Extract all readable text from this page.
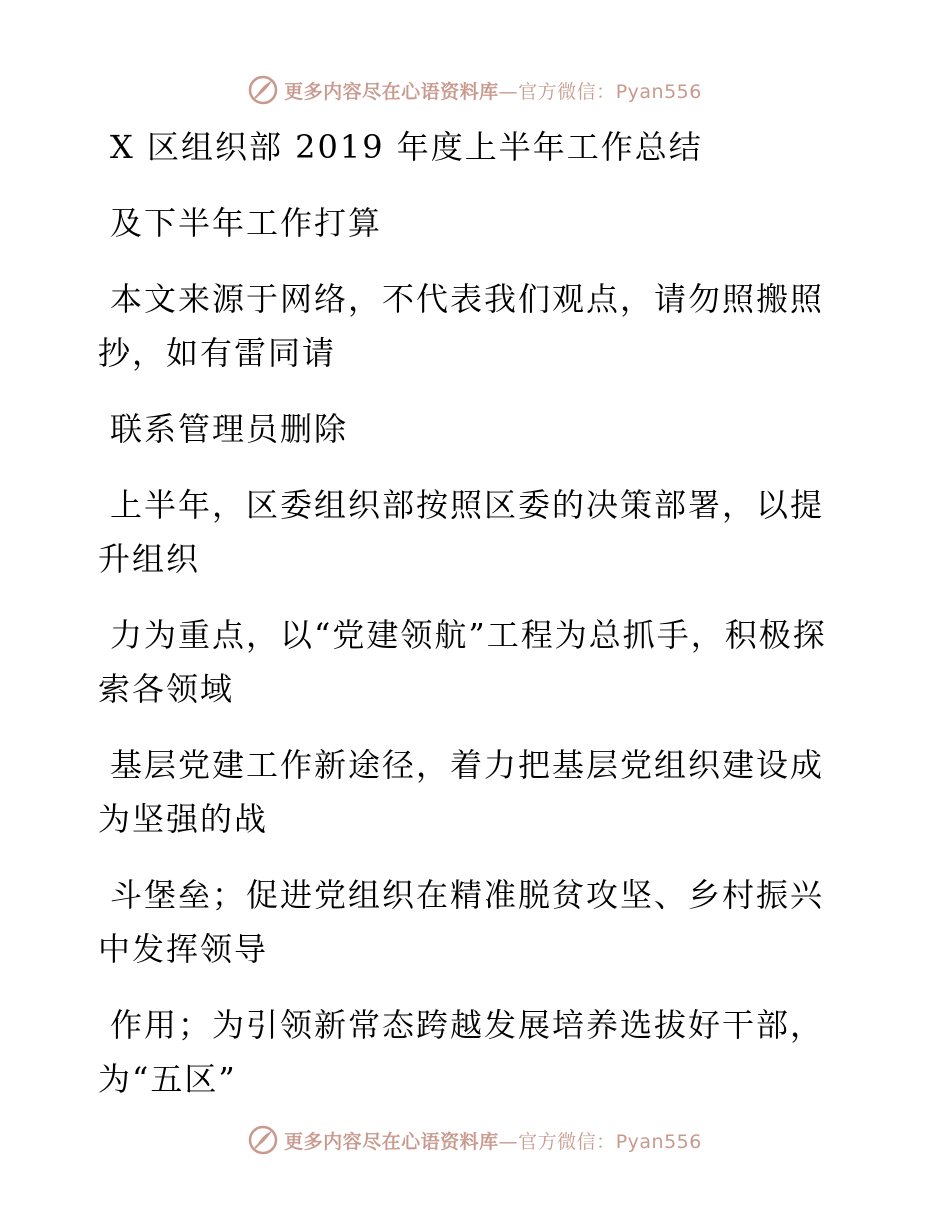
更多内容尽在心语资料库—官方微信：Pyan556

X 区组织部 2019 年度上半年工作总结

及下半年工作打算

本文来源于网络，不代表我们观点，请勿照搬照抄，如有雷同请

联系管理员删除

上半年，区委组织部按照区委的决策部署，以提升组织

力为重点，以“党建领航”工程为总抓手，积极探索各领域

基层党建工作新途径，着力把基层党组织建设成为坚强的战

斗堡垒；促进党组织在精准脱贫攻坚、乡村振兴中发挥领导

作用；为引领新常态跨越发展培养选拔好干部，为“五区”

更多内容尽在心语资料库—官方微信：Pyan556
